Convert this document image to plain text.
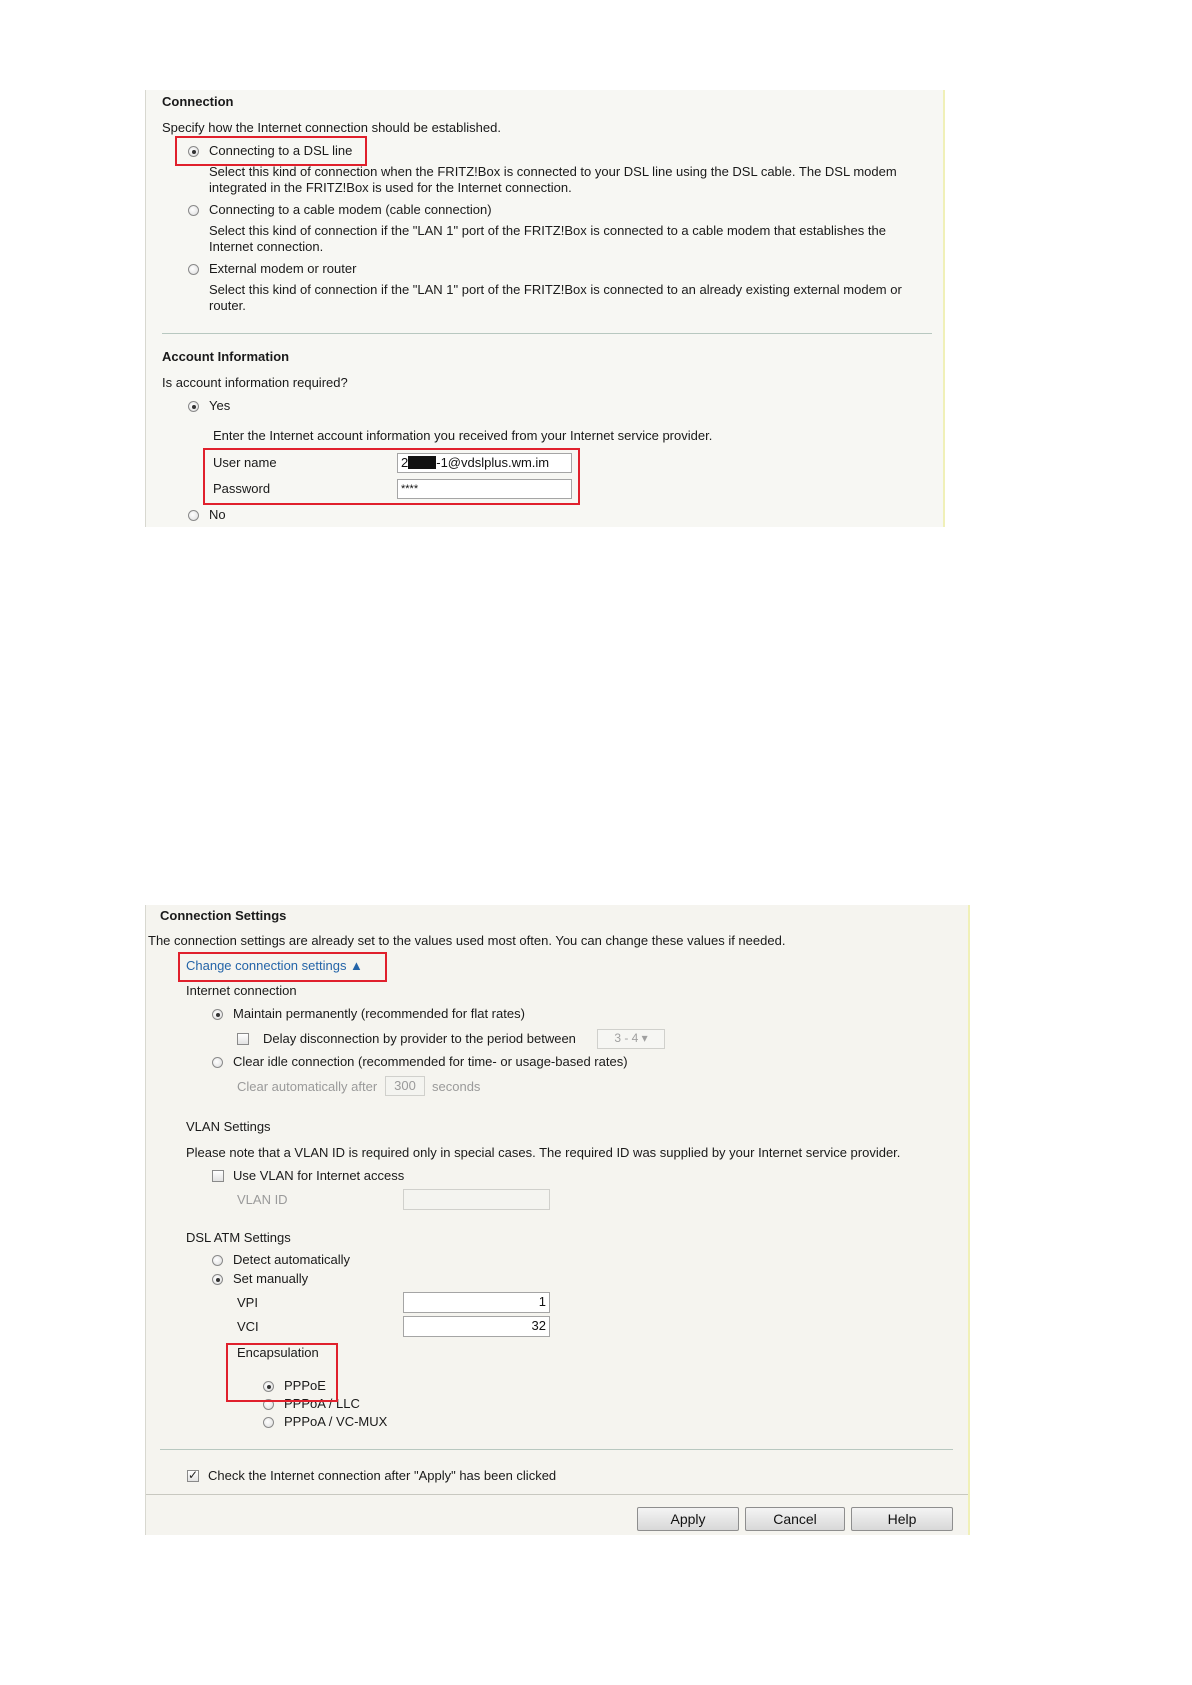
Connection
Specify how the Internet connection should be established.
Connecting to a DSL line
Select this kind of connection when the FRITZ!Box is connected to your DSL line using the DSL cable. The DSL modem integrated in the FRITZ!Box is used for the Internet connection.
Connecting to a cable modem (cable connection)
Select this kind of connection if the "LAN 1" port of the FRITZ!Box is connected to a cable modem that establishes the Internet connection.
External modem or router
Select this kind of connection if the "LAN 1" port of the FRITZ!Box is connected to an already existing external modem or router.
Account Information
Is account information required?
Yes
Enter the Internet account information you received from your Internet service provider.
User name	2 -1@vdslplus.wm.im
Password	****
No
Connection Settings
The connection settings are already set to the values used most often. You can change these values if needed.
Change connection settings ▲
Internet connection
Maintain permanently (recommended for flat rates)
Delay disconnection by provider to the period between	3 - 4 ▾
Clear idle connection (recommended for time- or usage-based rates)
Clear automatically after	300	seconds
VLAN Settings
Please note that a VLAN ID is required only in special cases. The required ID was supplied by your Internet service provider.
Use VLAN for Internet access
VLAN ID
DSL ATM Settings
Detect automatically
Set manually
VPI	1
VCI	32
Encapsulation
PPPoE
PPPoA / LLC
PPPoA / VC-MUX
✓
Check the Internet connection after "Apply" has been clicked
Apply	Cancel	Help
